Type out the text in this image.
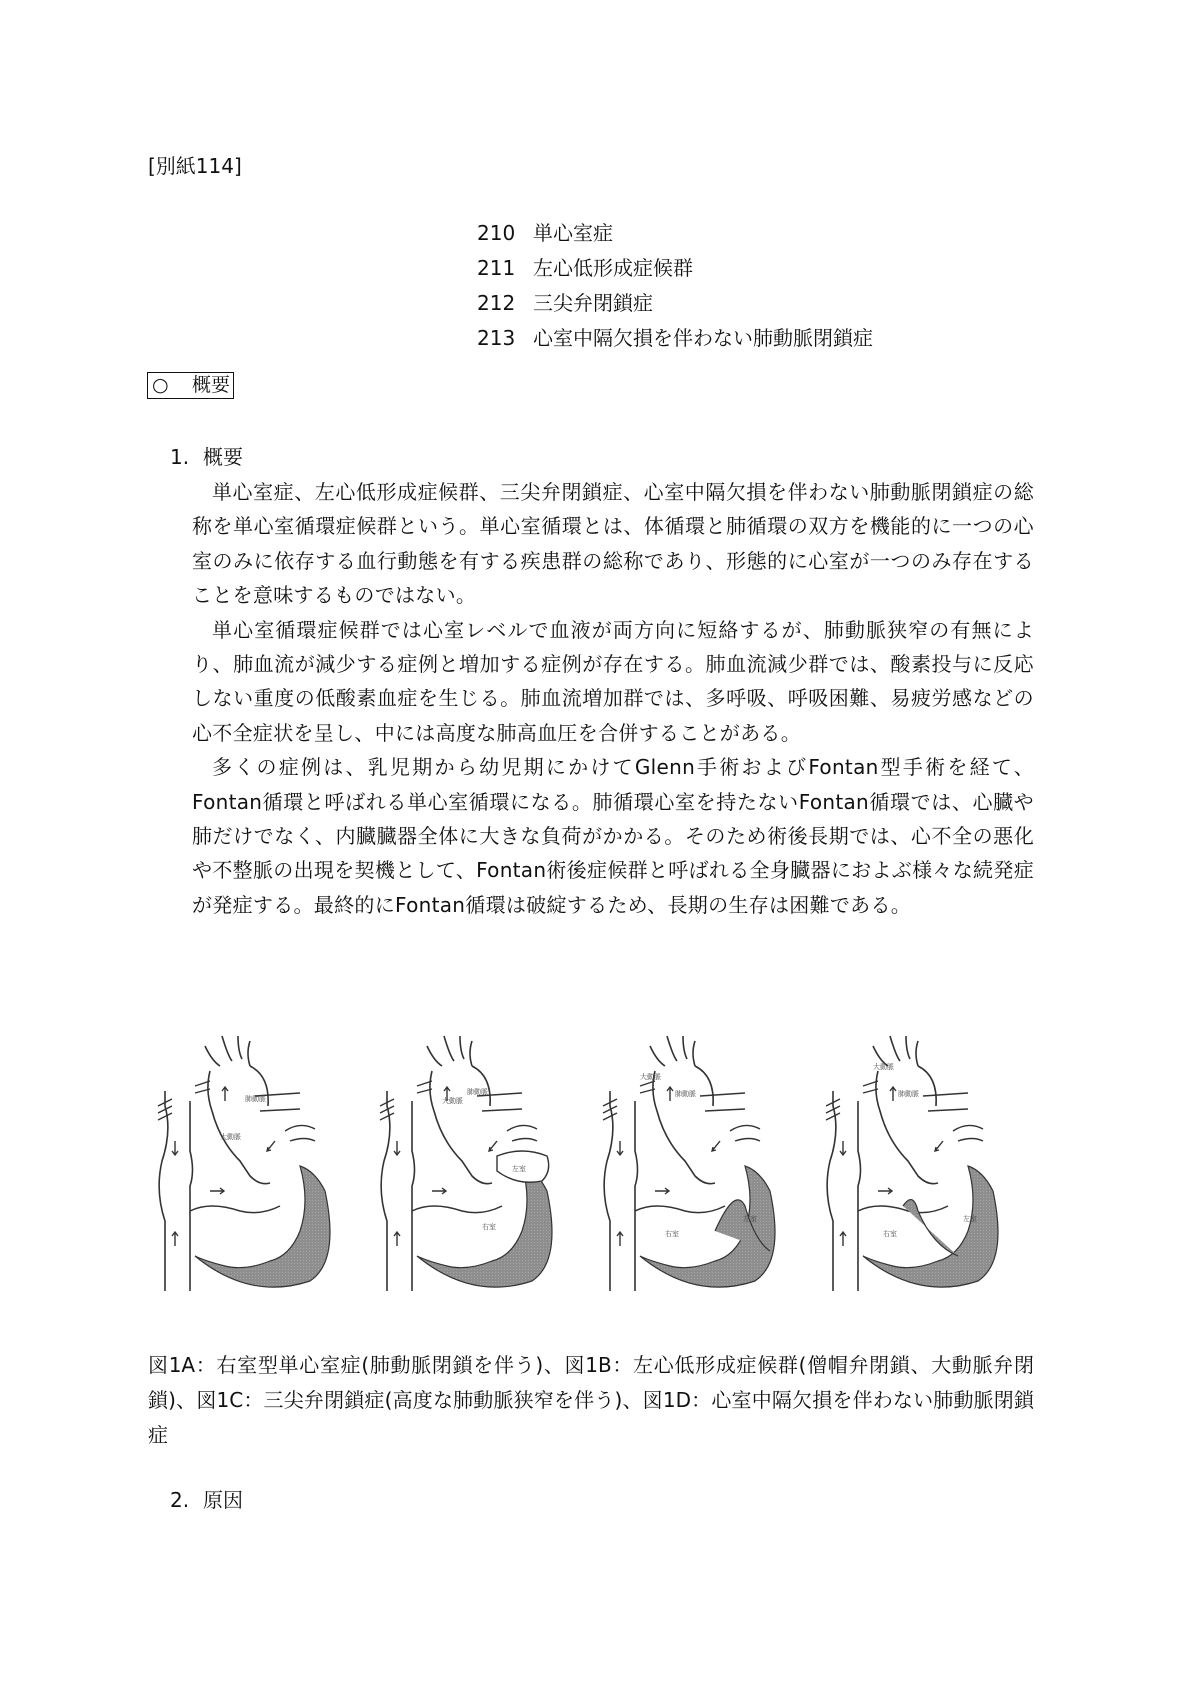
[別紙114]
210 単心室症
211 左心低形成症候群
212 三尖弁閉鎖症
213 心室中隔欠損を伴わない肺動脈閉鎖症
○ 概要
1. 概要

単心室症、左心低形成症候群、三尖弁閉鎖症、心室中隔欠損を伴わない肺動脈閉鎖症の総称を単心室循環症候群という。単心室循環とは、体循環と肺循環の双方を機能的に一つの心室のみに依存する血行動態を有する疾患群の総称であり、形態的に心室が一つのみ存在することを意味するものではない。

単心室循環症候群では心室レベルで血液が両方向に短絡するが、肺動脈狭窄の有無により、肺血流が減少する症例と増加する症例が存在する。肺血流減少群では、酸素投与に反応しない重度の低酸素血症を生じる。肺血流増加群では、多呼吸、呼吸困難、易疲労感などの心不全症状を呈し、中には高度な肺高血圧を合併することがある。

多くの症例は、乳児期から幼児期にかけてGlenn手術およびFontan型手術を経て、Fontan循環と呼ばれる単心室循環になる。肺循環心室を持たないFontan循環では、心臓や肺だけでなく、内臓臓器全体に大きな負荷がかかる。そのため術後長期では、心不全の悪化や不整脈の出現を契機として、Fontan術後症候群と呼ばれる全身臓器におよぶ様々な続発症が発症する。最終的にFontan循環は破綻するため、長期の生存は困難である。

肺動脈
大動脈
大動脈
肺動脈
左室
右室
大動脈
肺動脈
左室
右室
大動脈
肺動脈
左室
右室
図1A：右室型単心室症(肺動脈閉鎖を伴う)、図1B：左心低形成症候群(僧帽弁閉鎖、大動脈弁閉鎖)、図1C：三尖弁閉鎖症(高度な肺動脈狭窄を伴う)、図1D：心室中隔欠損を伴わない肺動脈閉鎖症
2. 原因
